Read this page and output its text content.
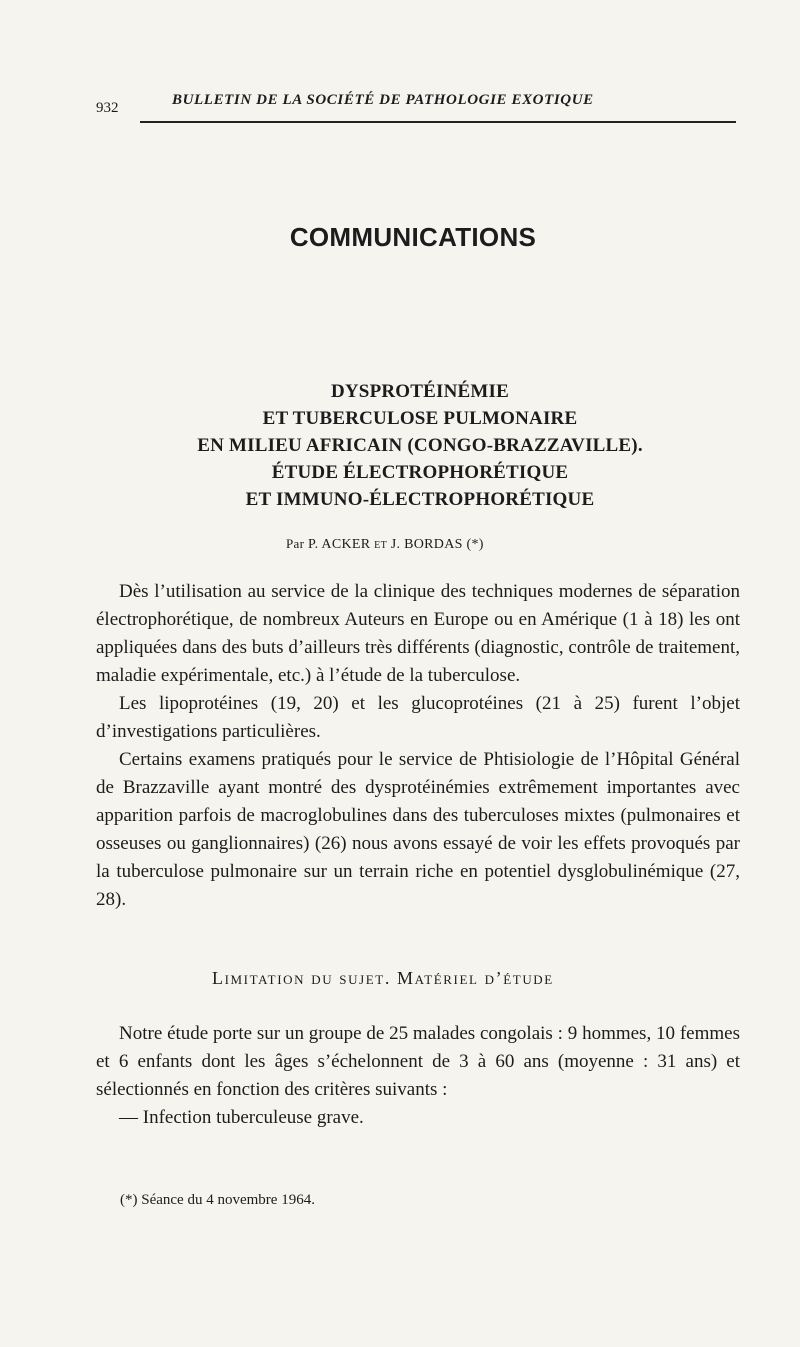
932	BULLETIN DE LA SOCIÉTÉ DE PATHOLOGIE EXOTIQUE
COMMUNICATIONS
DYSPROTÉINÉMIE
ET TUBERCULOSE PULMONAIRE
EN MILIEU AFRICAIN (CONGO-BRAZZAVILLE).
ÉTUDE ÉLECTROPHORÉTIQUE
ET IMMUNO-ÉLECTROPHORÉTIQUE
Par P. ACKER et J. BORDAS (*)

Dès l’utilisation au service de la clinique des techniques modernes de séparation électrophorétique, de nombreux Auteurs en Europe ou en Amérique (1 à 18) les ont appliquées dans des buts d’ailleurs très différents (diagnostic, contrôle de traitement, maladie expérimentale, etc.) à l’étude de la tuberculose.

Les lipoprotéines (19, 20) et les glucoprotéines (21 à 25) furent l’objet d’investigations particulières.

Certains examens pratiqués pour le service de Phtisiologie de l’Hôpital Général de Brazzaville ayant montré des dysprotéinémies extrêmement importantes avec apparition parfois de macroglobulines dans des tuberculoses mixtes (pulmonaires et osseuses ou ganglionnaires) (26) nous avons essayé de voir les effets provoqués par la tuberculose pulmonaire sur un terrain riche en potentiel dysglobulinémique (27, 28).

Limitation du sujet. Matériel d’étude

Notre étude porte sur un groupe de 25 malades congolais : 9 hommes, 10 femmes et 6 enfants dont les âges s’échelonnent de 3 à 60 ans (moyenne : 31 ans) et sélectionnés en fonction des critères suivants :

— Infection tuberculeuse grave.

(*) Séance du 4 novembre 1964.
